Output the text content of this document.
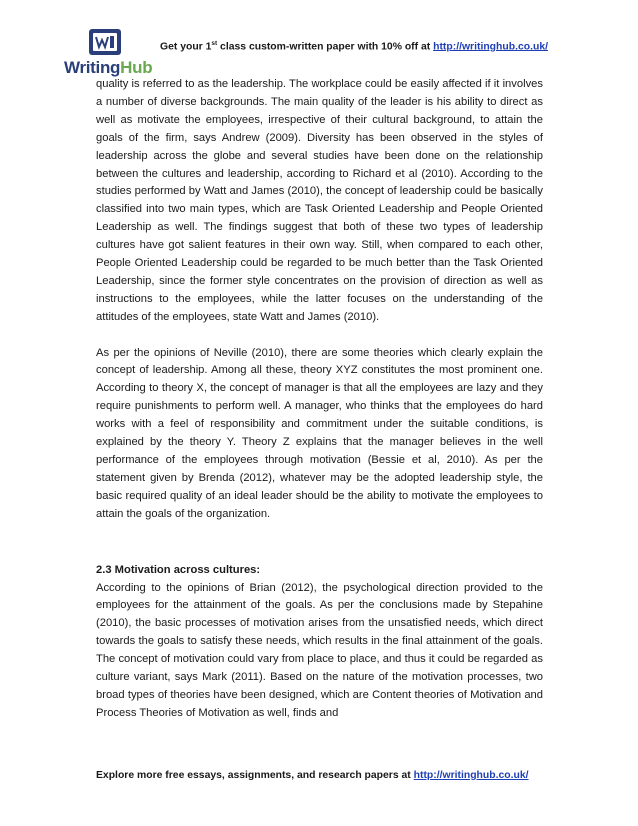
WritingHub
Get your 1st class custom-written paper with 10% off at http://writinghub.co.uk/

quality is referred to as the leadership. The workplace could be easily affected if it involves a number of diverse backgrounds. The main quality of the leader is his ability to direct as well as motivate the employees, irrespective of their cultural background, to attain the goals of the firm, says Andrew (2009). Diversity has been observed in the styles of leadership across the globe and several studies have been done on the relationship between the cultures and leadership, according to Richard et al (2010). According to the studies performed by Watt and James (2010), the concept of leadership could be basically classified into two main types, which are Task Oriented Leadership and People Oriented Leadership as well. The findings suggest that both of these two types of leadership cultures have got salient features in their own way. Still, when compared to each other, People Oriented Leadership could be regarded to be much better than the Task Oriented Leadership, since the former style concentrates on the provision of direction as well as instructions to the employees, while the latter focuses on the understanding of the attitudes of the employees, state Watt and James (2010).

As per the opinions of Neville (2010), there are some theories which clearly explain the concept of leadership. Among all these, theory XYZ constitutes the most prominent one. According to theory X, the concept of manager is that all the employees are lazy and they require punishments to perform well. A manager, who thinks that the employees do hard works with a feel of responsibility and commitment under the suitable conditions, is explained by the theory Y. Theory Z explains that the manager believes in the well performance of the employees through motivation (Bessie et al, 2010). As per the statement given by Brenda (2012), whatever may be the adopted leadership style, the basic required quality of an ideal leader should be the ability to motivate the employees to attain the goals of the organization.

2.3 Motivation across cultures:

According to the opinions of Brian (2012), the psychological direction provided to the employees for the attainment of the goals. As per the conclusions made by Stepahine (2010), the basic processes of motivation arises from the unsatisfied needs, which direct towards the goals to satisfy these needs, which results in the final attainment of the goals. The concept of motivation could vary from place to place, and thus it could be regarded as culture variant, says Mark (2011). Based on the nature of the motivation processes, two broad types of theories have been designed, which are Content theories of Motivation and Process Theories of Motivation as well, finds and

Explore more free essays, assignments, and research papers at http://writinghub.co.uk/
